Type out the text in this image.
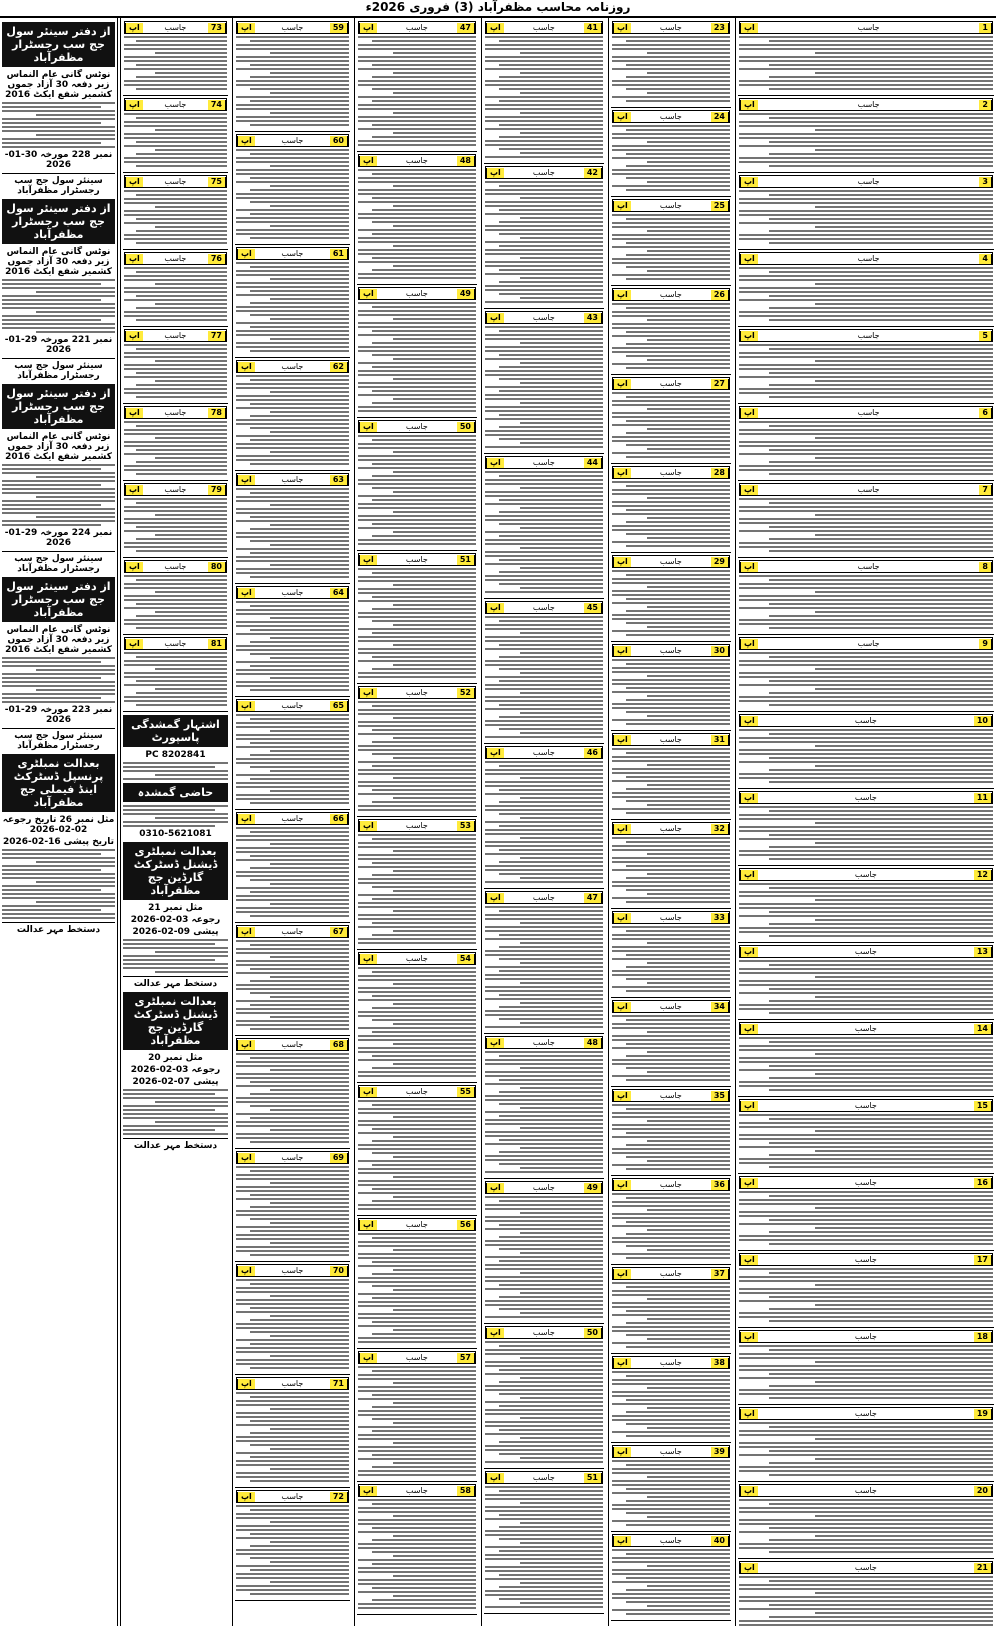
روزنامہ محاسب مظفرآباد (3) فروری 2026ء
از دفتر سینئر سول جج سب رجسٹرار مظفرآباد
نوٹس گانی عام النماس زیر دفعہ 30 آزاد جموں کشمیر شفع ایکٹ 2016
نمبر 228 مورخہ 30-01-2026
سینئر سول جج سب رجسٹرار مظفرآباد
از دفتر سینئر سول جج سب رجسٹرار مظفرآباد
نوٹس گانی عام النماس زیر دفعہ 30 آزاد جموں کشمیر شفع ایکٹ 2016
نمبر 221 مورخہ 29-01-2026
سینئر سول جج سب رجسٹرار مظفرآباد
از دفتر سینئر سول جج سب رجسٹرار مظفرآباد
نوٹس گانی عام النماس زیر دفعہ 30 آزاد جموں کشمیر شفع ایکٹ 2016
نمبر 224 مورخہ 29-01-2026
سینئر سول جج سب رجسٹرار مظفرآباد
از دفتر سینئر سول جج سب رجسٹرار مظفرآباد
نوٹس گانی عام النماس زیر دفعہ 30 آزاد جموں کشمیر شفع ایکٹ 2016
نمبر 223 مورخہ 29-01-2026
سینئر سول جج سب رجسٹرار مظفرآباد
بعدالت نمبلٹری پرنسپل ڈسٹرکٹ اینڈ فیملی جج مظفرآباد
مثل نمبر 26 تاریخ رجوعہ 02-02-2026
تاریخ پیشی 16-02-2026
دستخط مہر عدالت
73
جاسب
اپ
74
جاسب
اپ
75
جاسب
اپ
76
جاسب
اپ
77
جاسب
اپ
78
جاسب
اپ
79
جاسب
اپ
80
جاسب
اپ
81
جاسب
اپ
اشتہار گمشدگی پاسپورٹ
8202841 PC
حاضی گمشدہ
0310-5621081
بعدالت نمبلٹری ڈیشنل ڈسٹرکٹ گارڈین جج مظفرآباد
مثل نمبر 21
رجوعہ 03-02-2026
پیشی 09-02-2026
دستخط مہر عدالت
بعدالت نمبلٹری ڈیشنل ڈسٹرکٹ گارڈین جج مظفرآباد
مثل نمبر 20
رجوعہ 03-02-2026
پیشی 07-02-2026
دستخط مہر عدالت
59
جاسب
اپ
60
جاسب
اپ
61
جاسب
اپ
62
جاسب
اپ
63
جاسب
اپ
64
جاسب
اپ
65
جاسب
اپ
66
جاسب
اپ
67
جاسب
اپ
68
جاسب
اپ
69
جاسب
اپ
70
جاسب
اپ
71
جاسب
اپ
72
جاسب
اپ
47
جاسب
اپ
48
جاسب
اپ
49
جاسب
اپ
50
جاسب
اپ
51
جاسب
اپ
52
جاسب
اپ
53
جاسب
اپ
54
جاسب
اپ
55
جاسب
اپ
56
جاسب
اپ
57
جاسب
اپ
58
جاسب
اپ
41
جاسب
اپ
42
جاسب
اپ
43
جاسب
اپ
44
جاسب
اپ
45
جاسب
اپ
46
جاسب
اپ
47
جاسب
اپ
48
جاسب
اپ
49
جاسب
اپ
50
جاسب
اپ
51
جاسب
اپ
23
جاسب
اپ
24
جاسب
اپ
25
جاسب
اپ
26
جاسب
اپ
27
جاسب
اپ
28
جاسب
اپ
29
جاسب
اپ
30
جاسب
اپ
31
جاسب
اپ
32
جاسب
اپ
33
جاسب
اپ
34
جاسب
اپ
35
جاسب
اپ
36
جاسب
اپ
37
جاسب
اپ
38
جاسب
اپ
39
جاسب
اپ
40
جاسب
اپ
1
جاسب
اپ
2
جاسب
اپ
3
جاسب
اپ
4
جاسب
اپ
5
جاسب
اپ
6
جاسب
اپ
7
جاسب
اپ
8
جاسب
اپ
9
جاسب
اپ
10
جاسب
اپ
11
جاسب
اپ
12
جاسب
اپ
13
جاسب
اپ
14
جاسب
اپ
15
جاسب
اپ
16
جاسب
اپ
17
جاسب
اپ
18
جاسب
اپ
19
جاسب
اپ
20
جاسب
اپ
21
جاسب
اپ
